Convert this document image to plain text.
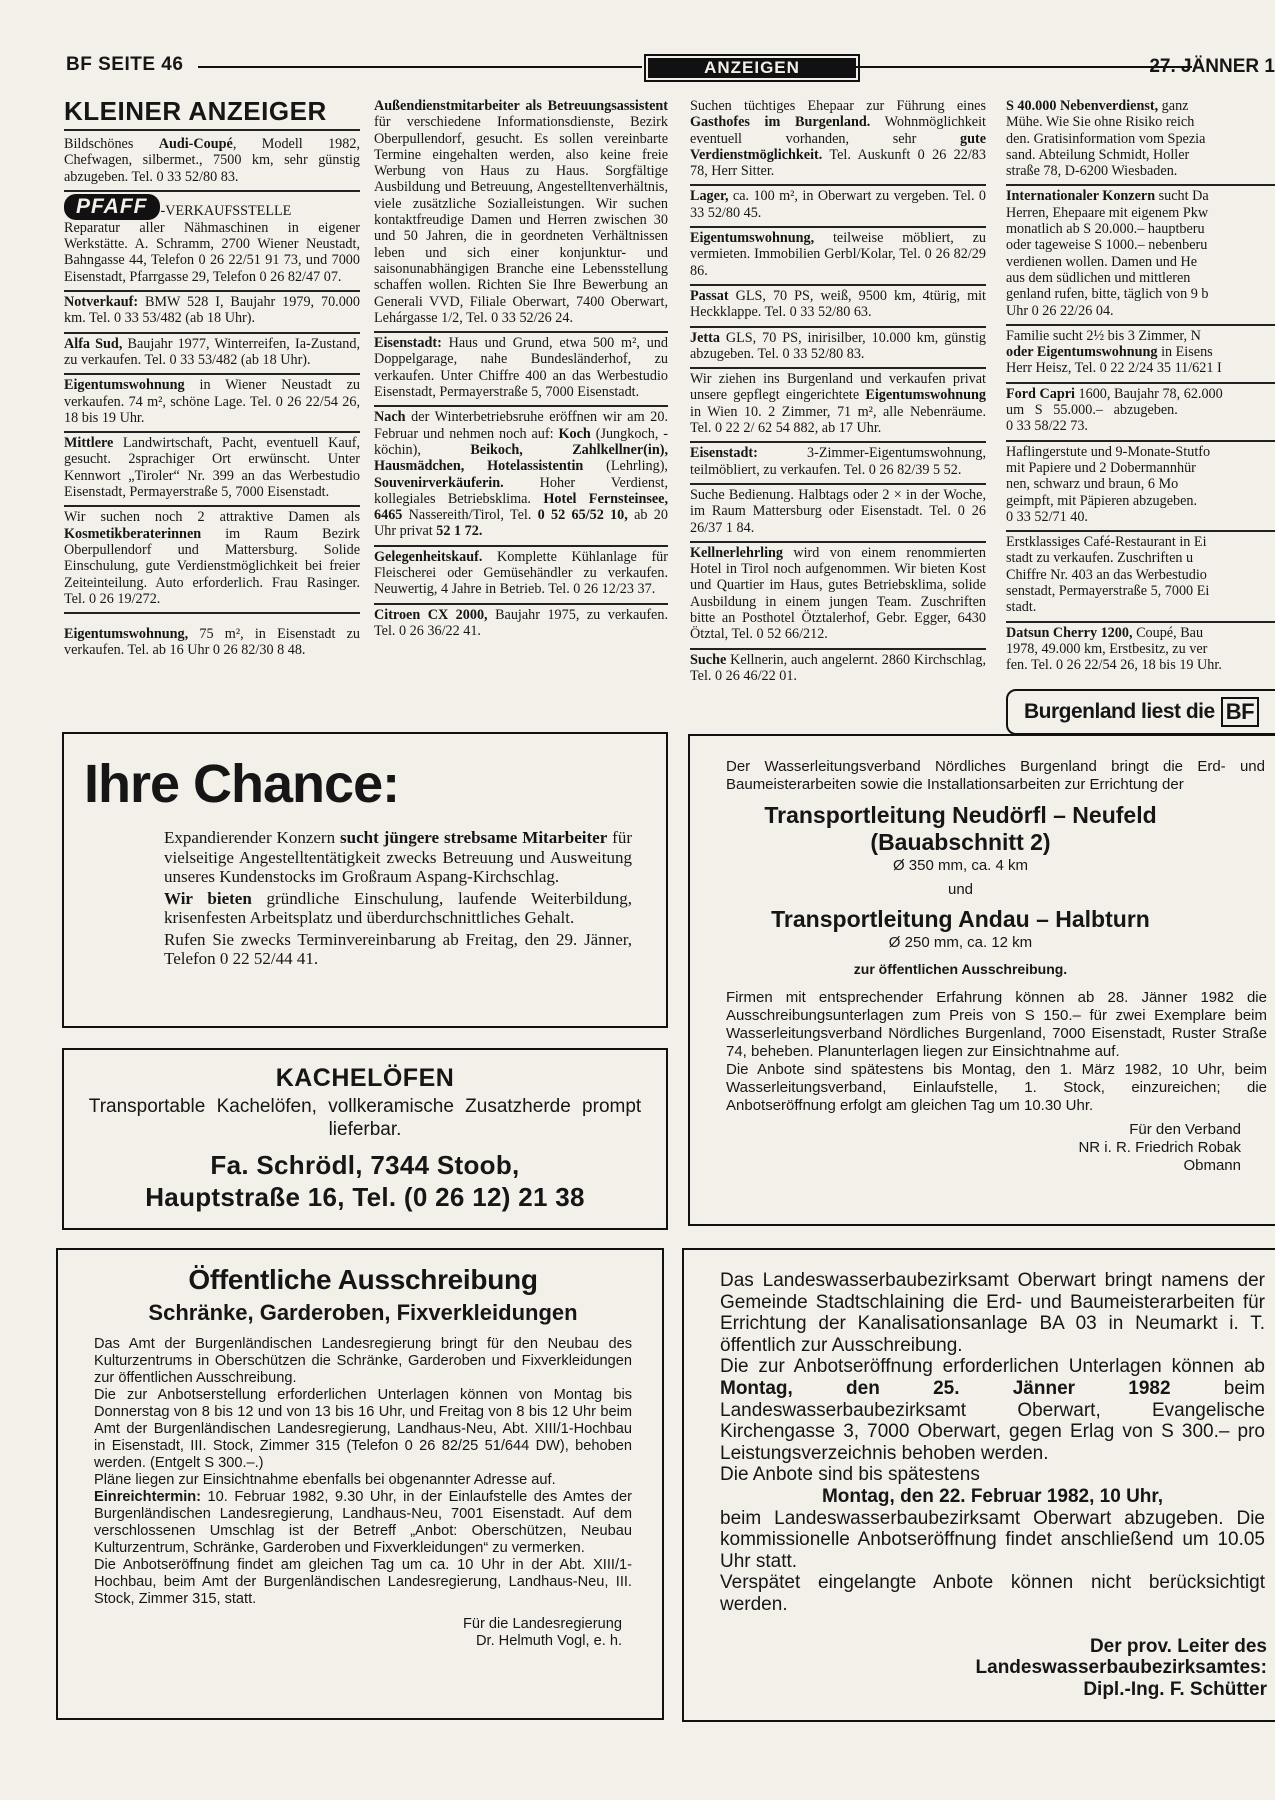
BF SEITE 46	ANZEIGEN	27. JÄNNER 1
KLEINER ANZEIGER
Bildschönes Audi-Coupé, Modell 1982, Chefwagen, silbermet., 7500 km, sehr günstig abzugeben. Tel. 0 33 52/80 83.
PFAFF -VERKAUFSSTELLE

Reparatur aller Nähmaschinen in eigener Werkstätte. A. Schramm, 2700 Wiener Neustadt, Bahngasse 44, Telefon 0 26 22/51 91 73, und 7000 Eisenstadt, Pfarrgasse 29, Telefon 0 26 82/47 07.

Notverkauf: BMW 528 I, Baujahr 1979, 70.000 km. Tel. 0 33 53/482 (ab 18 Uhr).
Alfa Sud, Baujahr 1977, Winterreifen, Ia-Zustand, zu verkaufen. Tel. 0 33 53/482 (ab 18 Uhr).
Eigentumswohnung in Wiener Neustadt zu verkaufen. 74 m², schöne Lage. Tel. 0 26 22/54 26, 18 bis 19 Uhr.
Mittlere Landwirtschaft, Pacht, eventuell Kauf, gesucht. 2sprachiger Ort erwünscht. Unter Kennwort „Tiroler“ Nr. 399 an das Werbestudio Eisenstadt, Permayerstraße 5, 7000 Eisenstadt.
Wir suchen noch 2 attraktive Damen als Kosmetikberaterinnen im Raum Bezirk Oberpullendorf und Mattersburg. Solide Einschulung, gute Verdienstmöglichkeit bei freier Zeiteinteilung. Auto erforderlich. Frau Rasinger. Tel. 0 26 19/272.
Eigentumswohnung, 75 m², in Eisenstadt zu verkaufen. Tel. ab 16 Uhr 0 26 82/30 8 48.
Außendienstmitarbeiter als Betreuungsassistent für verschiedene Informationsdienste, Bezirk Oberpullendorf, gesucht. Es sollen vereinbarte Termine eingehalten werden, also keine freie Werbung von Haus zu Haus. Sorgfältige Ausbildung und Betreuung, Angestelltenverhältnis, viele zusätzliche Sozialleistungen. Wir suchen kontaktfreudige Damen und Herren zwischen 30 und 50 Jahren, die in geordneten Verhältnissen leben und sich einer konjunktur- und saisonunabhängigen Branche eine Lebensstellung schaffen wollen. Richten Sie Ihre Bewerbung an Generali VVD, Filiale Oberwart, 7400 Oberwart, Lehárgasse 1/2, Tel. 0 33 52/26 24.
Eisenstadt: Haus und Grund, etwa 500 m², und Doppelgarage, nahe Bundesländerhof, zu verkaufen. Unter Chiffre 400 an das Werbestudio Eisenstadt, Permayerstraße 5, 7000 Eisenstadt.
Nach der Winterbetriebsruhe eröffnen wir am 20. Februar und nehmen noch auf: Koch (Jungkoch, -köchin), Beikoch, Zahlkellner(in), Hausmädchen, Hotelassistentin (Lehrling), Souvenirverkäuferin. Hoher Verdienst, kollegiales Betriebsklima. Hotel Fernsteinsee, 6465 Nassereith/Tirol, Tel. 0 52 65/52 10, ab 20 Uhr privat 52 1 72.
Gelegenheitskauf. Komplette Kühlanlage für Fleischerei oder Gemüsehändler zu verkaufen. Neuwertig, 4 Jahre in Betrieb. Tel. 0 26 12/23 37.
Citroen CX 2000, Baujahr 1975, zu verkaufen. Tel. 0 26 36/22 41.
Suchen tüchtiges Ehepaar zur Führung eines Gasthofes im Burgenland. Wohnmöglichkeit eventuell vorhanden, sehr gute Verdienstmöglichkeit. Tel. Auskunft 0 26 22/83 78, Herr Sitter.
Lager, ca. 100 m², in Oberwart zu vergeben. Tel. 0 33 52/80 45.
Eigentumswohnung, teilweise möbliert, zu vermieten. Immobilien Gerbl/Kolar, Tel. 0 26 82/29 86.
Passat GLS, 70 PS, weiß, 9500 km, 4türig, mit Heckklappe. Tel. 0 33 52/80 63.
Jetta GLS, 70 PS, inirisilber, 10.000 km, günstig abzugeben. Tel. 0 33 52/80 83.
Wir ziehen ins Burgenland und verkaufen privat unsere gepflegt eingerichtete Eigentumswohnung in Wien 10. 2 Zimmer, 71 m², alle Nebenräume. Tel. 0 22 2/ 62 54 882, ab 17 Uhr.
Eisenstadt: 3-Zimmer-Eigentumswohnung, teilmöbliert, zu verkaufen. Tel. 0 26 82/39 5 52.
Suche Bedienung. Halbtags oder 2 × in der Woche, im Raum Mattersburg oder Eisenstadt. Tel. 0 26 26/37 1 84.
Kellnerlehrling wird von einem renommierten Hotel in Tirol noch aufgenommen. Wir bieten Kost und Quartier im Haus, gutes Betriebsklima, solide Ausbildung in einem jungen Team. Zuschriften bitte an Posthotel Ötztalerhof, Gebr. Egger, 6430 Ötztal, Tel. 0 52 66/212.
Suche Kellnerin, auch angelernt. 2860 Kirchschlag, Tel. 0 26 46/22 01.
S 40.000 Nebenverdienst, ganz
Mühe. Wie Sie ohne Risiko reich
den. Gratisinformation vom Spezia
sand. Abteilung Schmidt, Holler
straße 78, D-6200 Wiesbaden.
Internationaler Konzern sucht Da
Herren, Ehepaare mit eigenem Pkw
monatlich ab S 20.000.– hauptberu
oder tageweise S 1000.– nebenberu
verdienen wollen. Damen und He
aus dem südlichen und mittleren
genland rufen, bitte, täglich von 9 b
Uhr 0 26 22/26 04.
Familie sucht 2½ bis 3 Zimmer, N
oder Eigentumswohnung in Eisens
Herr Heisz, Tel. 0 22 2/24 35 11/621 I
Ford Capri 1600, Baujahr 78, 62.000
um   S   55.000.–   abzugeben.
0 33 58/22 73.
Haflingerstute und 9-Monate-Stutfo
mit Papiere und 2 Dobermannhür
nen, schwarz und braun, 6 Mo
geimpft, mit Päpieren abzugeben.
0 33 52/71 40.
Erstklassiges Café-Restaurant in Ei
stadt zu verkaufen. Zuschriften u
Chiffre Nr. 403 an das Werbestudio
senstadt, Permayerstraße 5, 7000 Ei
stadt.
Datsun Cherry 1200, Coupé, Bau
1978, 49.000 km, Erstbesitz, zu ver
fen. Tel. 0 26 22/54 26, 18 bis 19 Uhr.
Burgenland liest die BF
Ihre Chance:

Expandierender Konzern sucht jüngere strebsame Mitarbeiter für vielseitige Angestelltentätigkeit zwecks Betreuung und Ausweitung unseres Kundenstocks im Großraum Aspang-Kirchschlag.

Wir bieten gründliche Einschulung, laufende Weiterbildung, krisenfesten Arbeitsplatz und überdurchschnittliches Gehalt.

Rufen Sie zwecks Terminvereinbarung ab Freitag, den 29. Jänner, Telefon 0 22 52/44 41.

KACHELÖFEN
Transportable Kachelöfen, vollkeramische Zusatzherde prompt lieferbar.
Fa. Schrödl, 7344 Stoob,
Hauptstraße 16, Tel. (0 26 12) 21 38
Öffentliche Ausschreibung
Schränke, Garderoben, Fixverkleidungen

Das Amt der Burgenländischen Landesregierung bringt für den Neubau des Kulturzentrums in Oberschützen die Schränke, Garderoben und Fixverkleidungen zur öffentlichen Ausschreibung.

Die zur Anbotserstellung erforderlichen Unterlagen können von Montag bis Donnerstag von 8 bis 12 und von 13 bis 16 Uhr, und Freitag von 8 bis 12 Uhr beim Amt der Burgenländischen Landesregierung, Landhaus-Neu, Abt. XIII/1-Hochbau in Eisenstadt, III. Stock, Zimmer 315 (Telefon 0 26 82/25 51/644 DW), behoben werden. (Entgelt S 300.–.)

Pläne liegen zur Einsichtnahme ebenfalls bei obgenannter Adresse auf.

Einreichtermin: 10. Februar 1982, 9.30 Uhr, in der Einlaufstelle des Amtes der Burgenländischen Landesregierung, Landhaus-Neu, 7001 Eisenstadt. Auf dem verschlossenen Umschlag ist der Betreff „Anbot: Oberschützen, Neubau Kulturzentrum, Schränke, Garderoben und Fixverkleidungen“ zu vermerken.

Die Anbotseröffnung findet am gleichen Tag um ca. 10 Uhr in der Abt. XIII/1-Hochbau, beim Amt der Burgenländischen Landesregierung, Landhaus-Neu, III. Stock, Zimmer 315, statt.

Für die Landesregierung
Dr. Helmuth Vogl, e. h.
Der Wasserleitungsverband Nördliches Burgenland bringt die Erd- und Baumeisterarbeiten sowie die Installationsarbeiten zur Errichtung der
Transportleitung Neudörfl – Neufeld
(Bauabschnitt 2)
Ø 350 mm, ca. 4 km
und
Transportleitung Andau – Halbturn
Ø 250 mm, ca. 12 km
zur öffentlichen Ausschreibung.

Firmen mit entsprechender Erfahrung können ab 28. Jänner 1982 die Ausschreibungsunterlagen zum Preis von S 150.– für zwei Exemplare beim Wasserleitungsverband Nördliches Burgenland, 7000 Eisenstadt, Ruster Straße 74, beheben. Planunterlagen liegen zur Einsichtnahme auf.

Die Anbote sind spätestens bis Montag, den 1. März 1982, 10 Uhr, beim Wasserleitungsverband, Einlaufstelle, 1. Stock, einzureichen; die Anbotseröffnung erfolgt am gleichen Tag um 10.30 Uhr.

Für den Verband
NR i. R. Friedrich Robak
Obmann

Das Landeswasserbaubezirksamt Oberwart bringt namens der Gemeinde Stadtschlaining die Erd- und Baumeisterarbeiten für Errichtung der Kanalisationsanlage BA 03 in Neumarkt i. T. öffentlich zur Ausschreibung.

Die zur Anbotseröffnung erforderlichen Unterlagen können ab Montag, den 25. Jänner 1982 beim Landeswasserbaubezirksamt Oberwart, Evangelische Kirchengasse 3, 7000 Oberwart, gegen Erlag von S 300.– pro Leistungsverzeichnis behoben werden.

Die Anbote sind bis spätestens

Montag, den 22. Februar 1982, 10 Uhr,

beim Landeswasserbaubezirksamt Oberwart abzugeben. Die kommissionelle Anbotseröffnung findet anschließend um 10.05 Uhr statt.

Verspätet eingelangte Anbote können nicht berücksichtigt werden.

Der prov. Leiter des
Landeswasserbaubezirksamtes:
Dipl.-Ing. F. Schütter
